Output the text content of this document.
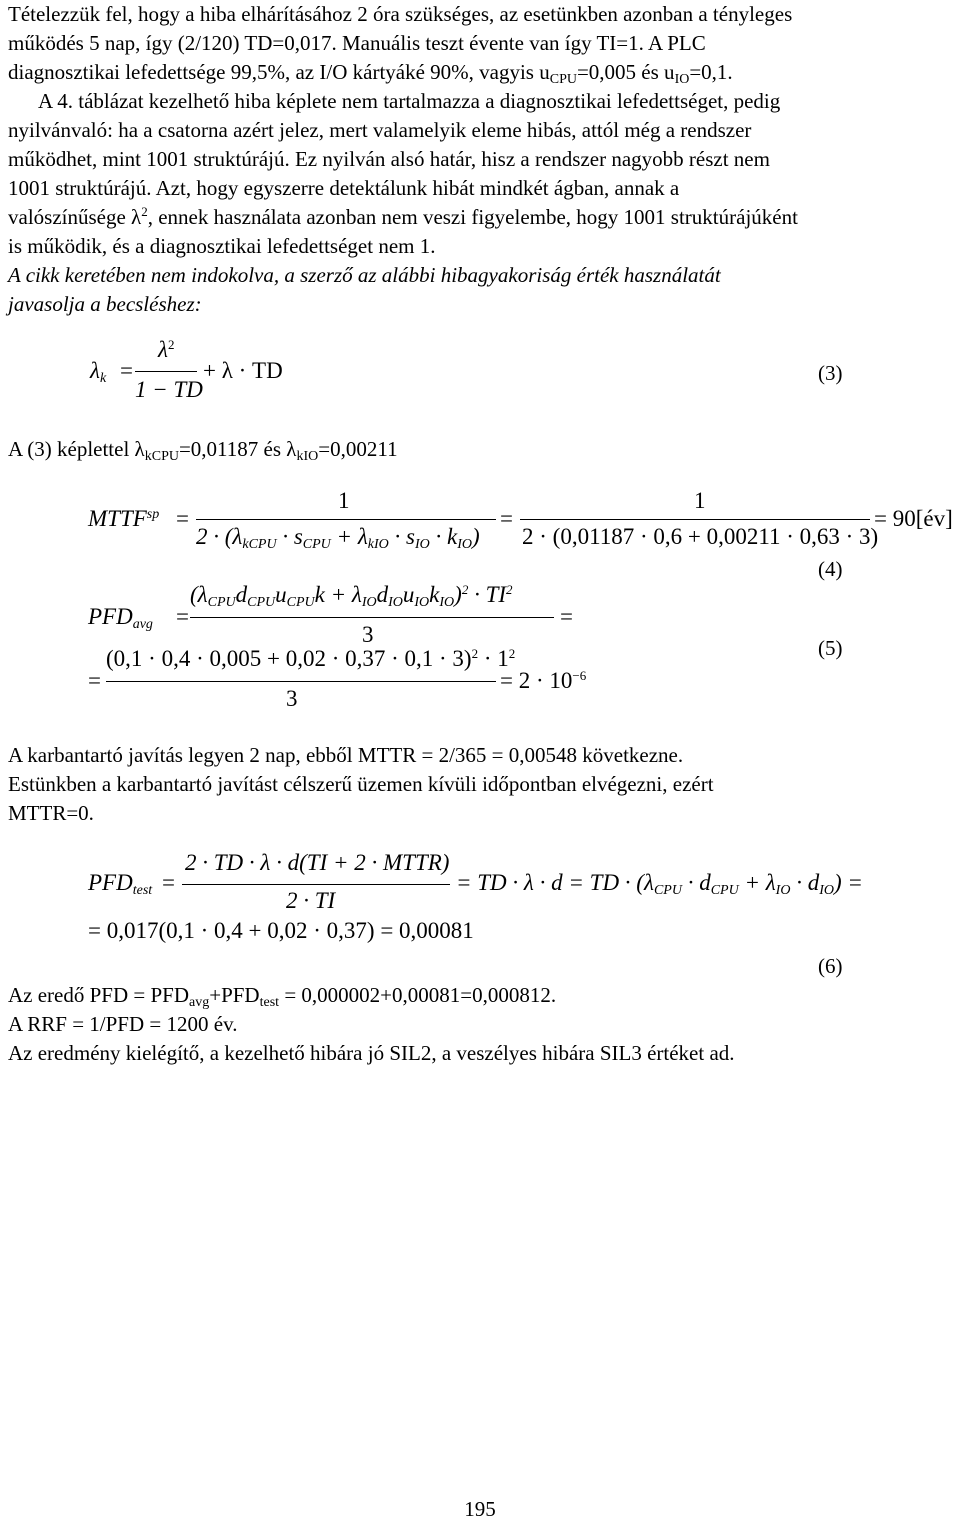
Tételezzük fel, hogy a hiba elhárításához 2 óra szükséges, az esetünkben azonban a tényleges
működés 5 nap, így (2/120) TD=0,017. Manuális teszt évente van így TI=1. A PLC
diagnosztikai lefedettsége 99,5%, az I/O kártyáké 90%, vagyis $u_{CPU}=0,005$ és $u_{IO}=0,1$.
A 4. táblázat kezelhető hiba képlete nem tartalmazza a diagnosztikai lefedettséget, pedig
nyilvánvaló: ha a csatorna azért jelez, mert valamelyik eleme hibás, attól még a rendszer
működhet, mint 1001 struktúrájú. Ez nyilván alsó határ, hisz a rendszer nagyobb részt nem
1001 struktúrájú. Azt, hogy egyszerre detektálunk hibát mindkét ágban, annak a
valószínűsége $\lambda^2$, ennek használata azonban nem veszi figyelembe, hogy 1001 struktúrájúként
is működik, és a diagnosztikai lefedettséget nem 1.
A cikk keretében nem indokolva, a szerző az alábbi hibagyakoriság érték használatát
javasolja a becsléshez:
$\lambda_k$ =
$\lambda^2$
1 − TD
+ λ · TD	(3)
A (3) képlettel $\lambda_{kCPU}=0,01187$ és $\lambda_{kIO}=0,00211$
$MTTF^{sp}$ =
1
$2 \cdot (\lambda_{kCPU} \cdot s_{CPU} + \lambda_{kIO} \cdot s_{IO} \cdot k_{IO})$
=
1
2 · (0,01187 · 0,6 + 0,00211 · 0,63 · 3)
= 90[év]
(4)
$PFD_{avg}$ =
$(\lambda_{CPU}d_{CPU}u_{CPU}k + \lambda_{IO}d_{IO}u_{IO}k_{IO})^2 \cdot TI^2$
3
=
(5)
=
$(0,1 \cdot 0,4 \cdot 0,005 + 0,02 \cdot 0,37 \cdot 0,1 \cdot 3)^2 \cdot 1^2$
3
= $2 \cdot 10^{-6}$
A karbantartó javítás legyen 2 nap, ebből MTTR = 2/365 = 0,00548 következne.
Estünkben a karbantartó javítást célszerű üzemen kívüli időpontban elvégezni, ezért
MTTR=0.
$PFD_{test}$ =
2 · TD · λ · d(TI + 2 · MTTR)
2 · TI
= TD · λ · d = TD · $(\lambda_{CPU} \cdot d_{CPU} + \lambda_{IO} \cdot d_{IO})$ =
= 0,017(0,1 · 0,4 + 0,02 · 0,37) = 0,00081
(6)
Az eredő PFD = $PFD_{avg}+PFD_{test} = 0,000002+0,00081=0,000812$.
A RRF = 1/PFD = 1200 év.
Az eredmény kielégítő, a kezelhető hibára jó SIL2, a veszélyes hibára SIL3 értéket ad.
195
